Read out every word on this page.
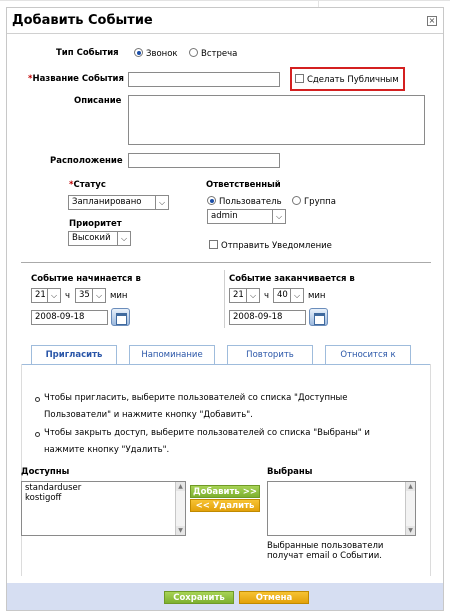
Добавить Событие	×
Тип События	Звонок	Встреча
*Название События	Сделать Публичным
Описание
Расположение
*Статус
Запланировано	⌵
Приоритет
Высокий	⌵
Ответственный
Пользователь	Группа
admin	⌵
Отправить Уведомление
Событие начинается в
21 ⌵ ч	35 ⌵ мин
2008-09-18
Событие заканчивается в
21 ⌵ ч 40 ⌵ мин
2008-09-18
Пригласить	Напоминание	Повторить	Относится к
Чтобы пригласить, выберите пользователей со списка "Доступные
Пользователи" и нажмите кнопку "Добавить".
Чтобы закрыть доступ, выберите пользователей со списка "Выбраны" и
нажмите кнопку "Удалить".
Доступны
standarduser
kostigoff
▲
▼
Добавить >>
<< Удалить
Выбраны
▲
▼
Выбранные пользователи
получат email о Событии.
Сохранить	Отмена
